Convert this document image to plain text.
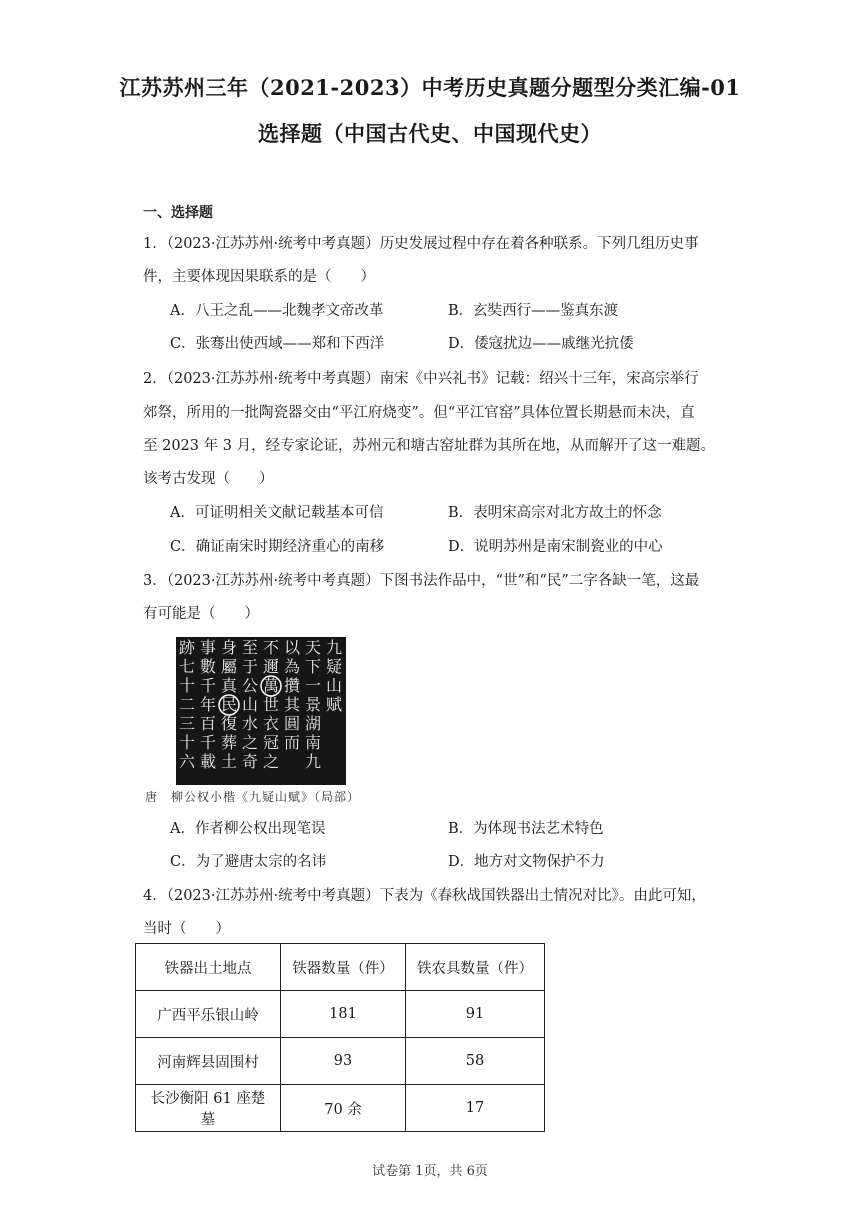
江苏苏州三年（2021-2023）中考历史真题分题型分类汇编-01
选择题（中国古代史、中国现代史）
一、选择题
1．（2023·江苏苏州·统考中考真题）历史发展过程中存在着各种联系。下列几组历史事
件，主要体现因果联系的是（　　）
A．八王之乱——北魏孝文帝改革	B．玄奘西行——鉴真东渡
C．张骞出使西域——郑和下西洋	D．倭寇扰边——戚继光抗倭
2．（2023·江苏苏州·统考中考真题）南宋《中兴礼书》记载：绍兴十三年，宋高宗举行
郊祭，所用的一批陶瓷器交由“平江府烧变”。但“平江官窑”具体位置长期悬而未决，直
至 2023 年 3 月，经专家论证，苏州元和塘古窑址群为其所在地，从而解开了这一难题。
该考古发现（　　）
A．可证明相关文献记载基本可信	B．表明宋高宗对北方故土的怀念
C．确证南宋时期经济重心的南移	D．说明苏州是南宋制瓷业的中心
3．（2023·江苏苏州·统考中考真题）下图书法作品中，“世”和“民”二字各缺一笔，这最
有可能是（　　）
九
疑
山
赋
天
下
一
景
湖
南
九
以
為
攢
其
圓
而
不
邇
萬
世
衣
冠
之
至
于
公
山
水
之
奇
身
屬
真
民
復
葬
土
事
數
千
年
百
千
載
跡
七
十
二
三
十
六
唐　柳公权小楷《九疑山赋》（局部）
A．作者柳公权出现笔误	B．为体现书法艺术特色
C．为了避唐太宗的名讳	D．地方对文物保护不力
4．（2023·江苏苏州·统考中考真题）下表为《春秋战国铁器出土情况对比》。由此可知，
当时（　　）
铁器出土地点	铁器数量（件）	铁农具数量（件）
广西平乐银山岭	181	91
河南辉县固围村	93	58
长沙衡阳 61 座楚墓	70 余	17
试卷第 1页，共 6页
